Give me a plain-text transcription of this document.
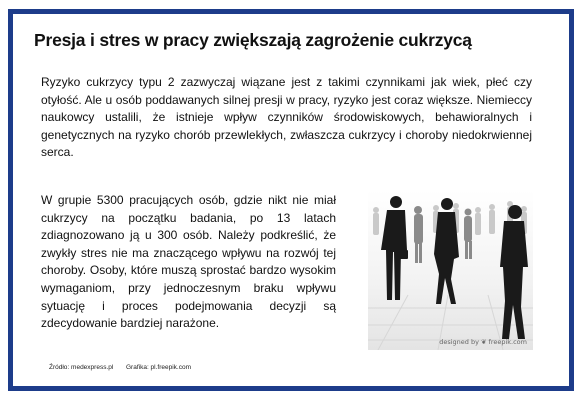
Presja i stres w pracy zwiększają zagrożenie cukrzycą

Ryzyko cukrzycy typu 2 zazwyczaj wiązane jest z takimi czynnikami jak wiek, płeć czy otyłość. Ale u osób poddawanych silnej presji w pracy, ryzyko jest coraz większe. Niemieccy naukowcy ustalili, że istnieje wpływ czynników środowiskowych, behawioralnych i genetycznych na ryzyko chorób przewlekłych, zwłaszcza cukrzycy i choroby niedokrwiennej serca.

W grupie 5300 pracujących osób, gdzie nikt nie miał cukrzycy na początku badania, po 13 latach zdiagnozowano ją u 300 osób. Należy podkreślić, że zwykły stres nie ma znaczącego wpływu na rozwój tej choroby. Osoby, które muszą sprostać bardzo wysokim wymaganiom, przy jednoczesnym braku wpływu sytuację i proces podejmowania decyzji są zdecydowanie bardziej narażone.

designed by ❦ freepik.com
Źródło: medexpress.pl Grafika: pl.freepik.com
